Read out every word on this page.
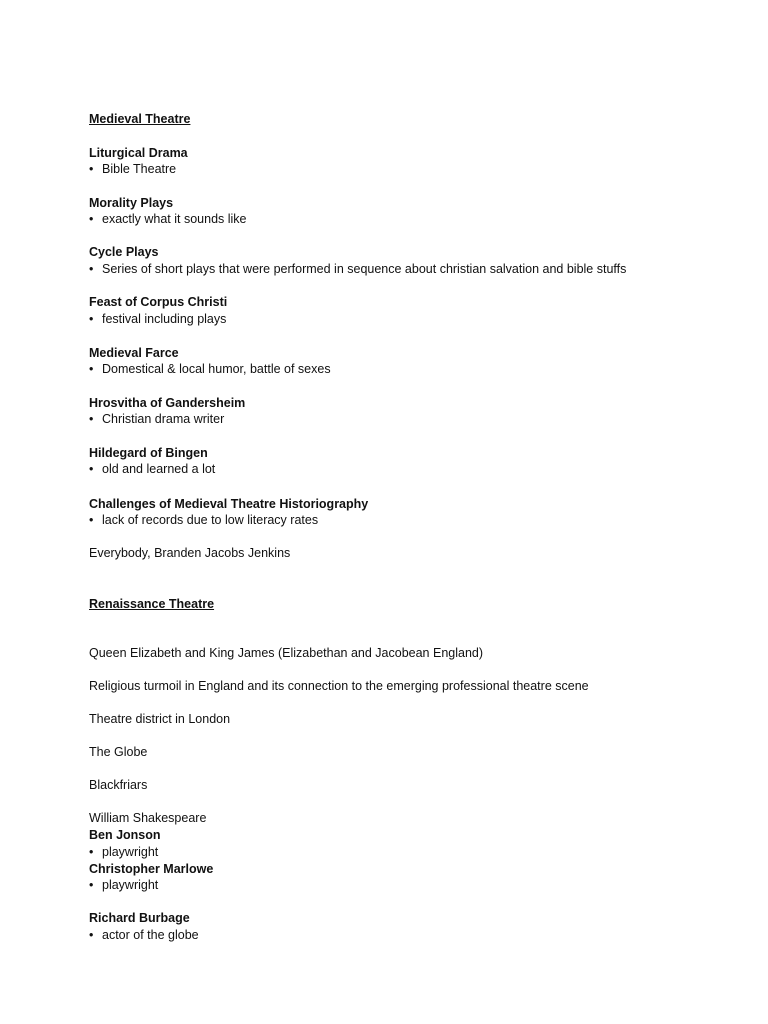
Medieval Theatre
Liturgical Drama
• Bible Theatre
Morality Plays
• exactly what it sounds like
Cycle Plays
• Series of short plays that were performed in sequence about christian salvation and bible stuffs
Feast of Corpus Christi
• festival including plays
Medieval Farce
• Domestical & local humor, battle of sexes
Hrosvitha of Gandersheim
• Christian drama writer
Hildegard of Bingen
• old and learned a lot
Challenges of Medieval Theatre Historiography
• lack of records due to low literacy rates
Everybody, Branden Jacobs Jenkins
Renaissance Theatre
Queen Elizabeth and King James (Elizabethan and Jacobean England)
Religious turmoil in England and its connection to the emerging professional theatre scene
Theatre district in London
The Globe
Blackfriars
William Shakespeare
Ben Jonson
• playwright
Christopher Marlowe
• playwright
Richard Burbage
• actor of the globe
